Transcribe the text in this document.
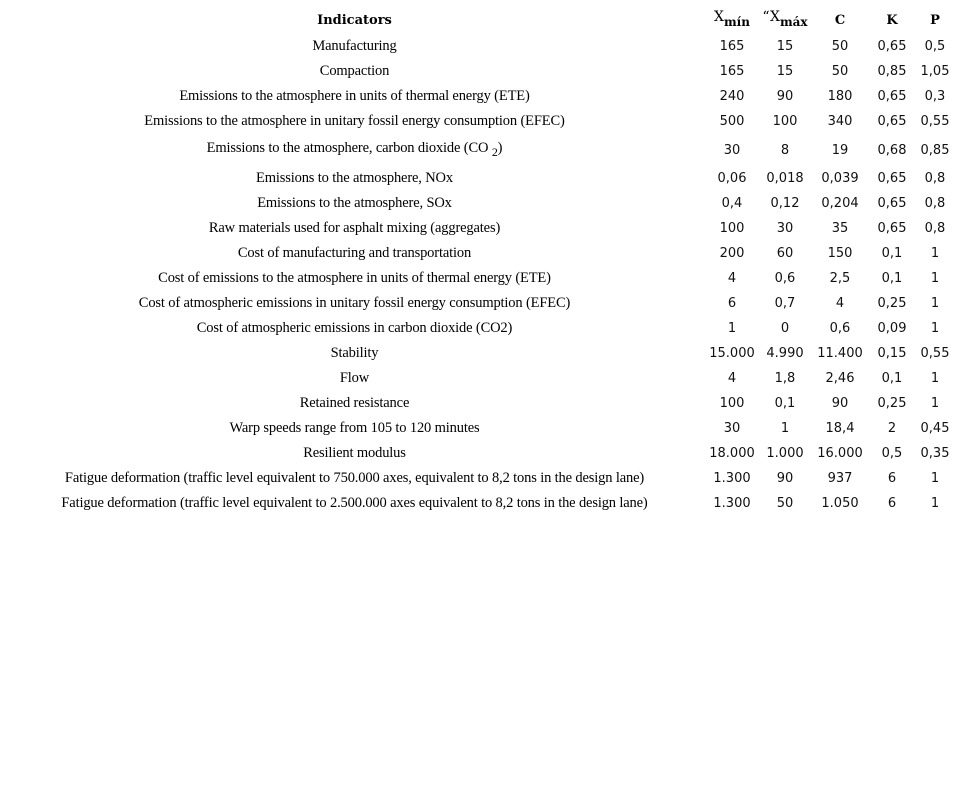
Indicators	$X_{mín}$	“$X_{máx}$	C	K	P
Manufacturing	165	15	50	0,65	0,5
Compaction	165	15	50	0,85	1,05
Emissions to the atmosphere in units of thermal energy (ETE)	240	90	180	0,65	0,3
Emissions to the atmosphere in unitary fossil energy consumption (EFEC)	500	100	340	0,65	0,55
Emissions to the atmosphere, carbon dioxide (CO $_2$)	30	8	19	0,68	0,85
Emissions to the atmosphere, NOx	0,06	0,018	0,039	0,65	0,8
Emissions to the atmosphere, SOx	0,4	0,12	0,204	0,65	0,8
Raw materials used for asphalt mixing (aggregates)	100	30	35	0,65	0,8
Cost of manufacturing and transportation	200	60	150	0,1	1
Cost of emissions to the atmosphere in units of thermal energy (ETE)	4	0,6	2,5	0,1	1
Cost of atmospheric emissions in unitary fossil energy consumption (EFEC)	6	0,7	4	0,25	1
Cost of atmospheric emissions in carbon dioxide (CO2)	1	0	0,6	0,09	1
Stability	15.000	4.990	11.400	0,15	0,55
Flow	4	1,8	2,46	0,1	1
Retained resistance	100	0,1	90	0,25	1
Warp speeds range from 105 to 120 minutes	30	1	18,4	2	0,45
Resilient modulus	18.000	1.000	16.000	0,5	0,35
Fatigue deformation (traffic level equivalent to 750.000 axes, equivalent to 8,2 tons in the design lane)	1.300	90	937	6	1
Fatigue deformation (traffic level equivalent to 2.500.000 axes equivalent to 8,2 tons in the design lane)	1.300	50	1.050	6	1
